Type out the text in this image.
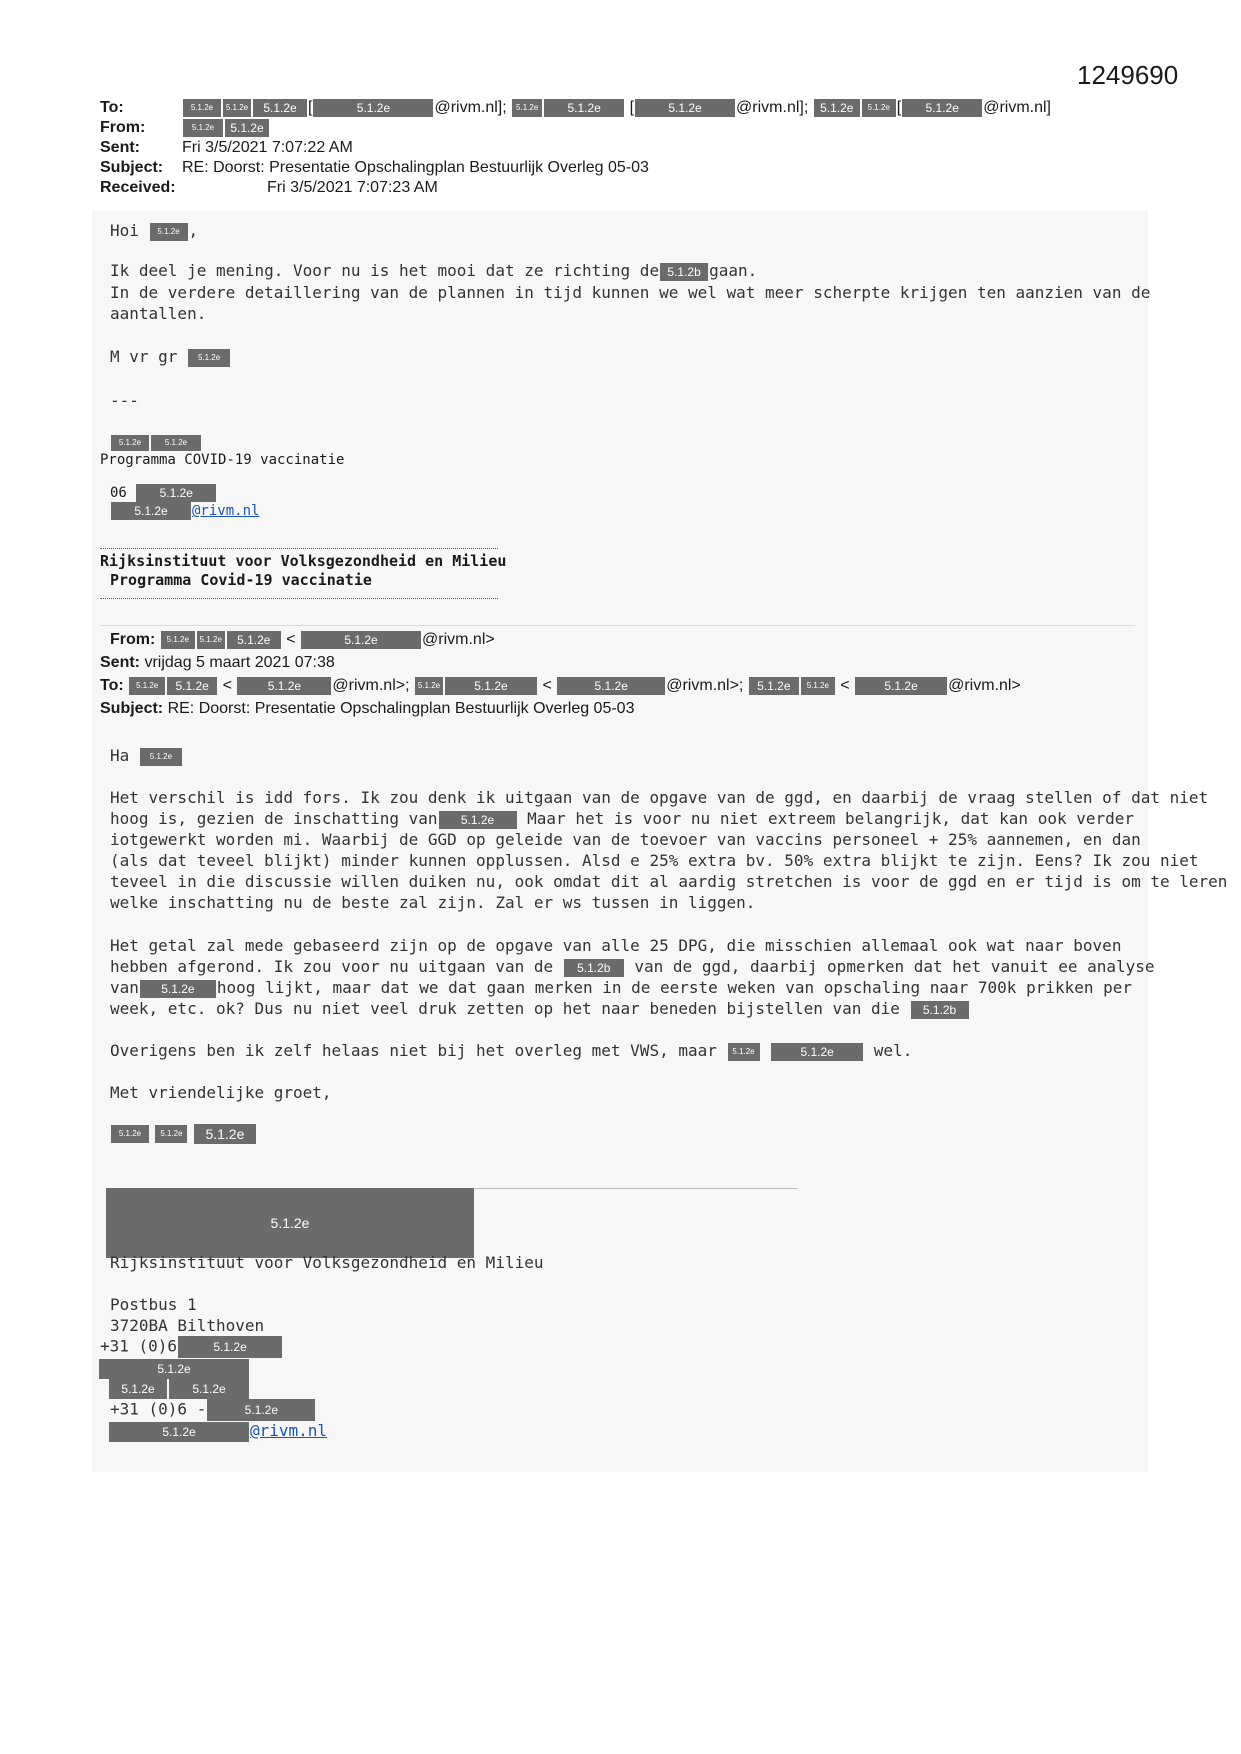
1249690
To:	5.1.2e 5.1.2e 5.1.2e [	5.1.2e	@rivm.nl]; 5.1.2e 5.1.2e [	5.1.2e @rivm.nl]; 5.1.2e 5.1.2e [ 5.1.2e @rivm.nl]
From:	5.1.2e 5.1.2e
Sent:	Fri 3/5/2021 7:07:22 AM
Subject: RE: Doorst: Presentatie Opschalingplan Bestuurlijk Overleg 05-03
Received:	Fri 3/5/2021 7:07:23 AM
Hoi 5.1.2e ,
Ik deel je mening. Voor nu is het mooi dat ze richting de 5.1.2b gaan.
In de verdere detaillering van de plannen in tijd kunnen we wel wat meer scherpte krijgen ten aanzien van de
aantallen.
M vr gr	5.1.2e
---
5.1.2e	5.1.2e
Programma COVID-19 vaccinatie
06	5.1.2e
5.1.2e @rivm.nl
Rijksinstituut voor Volksgezondheid en Milieu
Programma Covid-19 vaccinatie
From: 5.1.2e 5.1.2e 5.1.2e <	5.1.2e	@rivm.nl>
Sent: vrijdag 5 maart 2021 07:38
To: 5.1.2e 5.1.2e <	5.1.2e @rivm.nl>; 5.1.2e	5.1.2e <	5.1.2e @rivm.nl>; 5.1.2e 5.1.2e <	5.1.2e @rivm.nl>
Subject: RE: Doorst: Presentatie Opschalingplan Bestuurlijk Overleg 05-03
Ha	5.1.2e
Het verschil is idd fors. Ik zou denk ik uitgaan van de opgave van de ggd, en daarbij de vraag stellen of dat niet
hoog is, gezien de inschatting van 5.1.2e Maar het is voor nu niet extreem belangrijk, dat kan ook verder
iotgewerkt worden mi. Waarbij de GGD op geleide van de toevoer van vaccins personeel + 25% aannemen, en dan
(als dat teveel blijkt) minder kunnen opplussen. Alsd e 25% extra bv. 50% extra blijkt te zijn. Eens? Ik zou niet
teveel in die discussie willen duiken nu, ook omdat dit al aardig stretchen is voor de ggd en er tijd is om te leren
welke inschatting nu de beste zal zijn. Zal er ws tussen in liggen.
Het getal zal mede gebaseerd zijn op de opgave van alle 25 DPG, die misschien allemaal ook wat naar boven
hebben afgerond. Ik zou voor nu uitgaan van de 5.1.2b van de ggd, daarbij opmerken dat het vanuit ee analyse
van 5.1.2e hoog lijkt, maar dat we dat gaan merken in de eerste weken van opschaling naar 700k prikken per
week, etc. ok? Dus nu niet veel druk zetten op het naar beneden bijstellen van die 5.1.2b
Overigens ben ik zelf helaas niet bij het overleg met VWS, maar 5.1.2e	5.1.2e wel.
Met vriendelijke groet,
5.1.2e 5.1.2e 5.1.2e
5.1.2e
Rijksinstituut voor Volksgezondheid en Milieu
Postbus 1
3720BA Bilthoven
+31 (0)6	5.1.2e
5.1.2e
5.1.2e	5.1.2e
+31 (0)6 -	5.1.2e
5.1.2e	@rivm.nl
